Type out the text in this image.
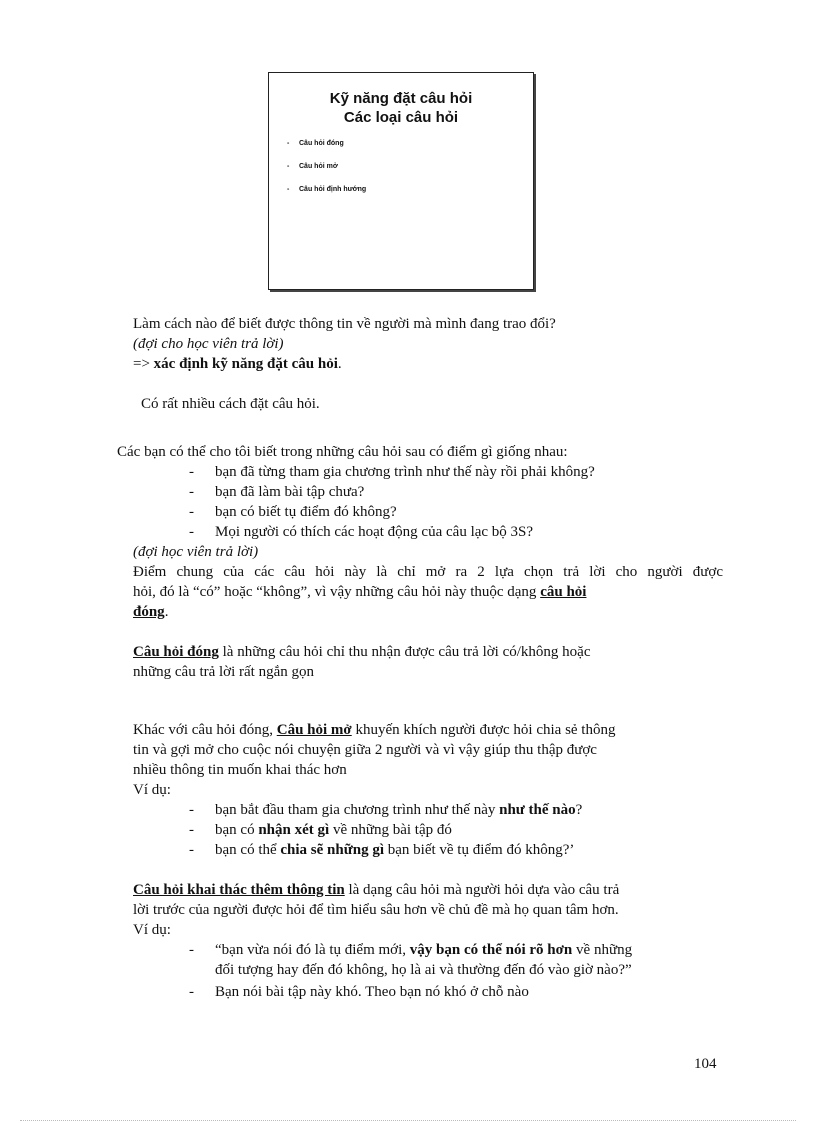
Kỹ năng đặt câu hỏi
Các loại câu hỏi
- Câu hỏi đóng
- Câu hỏi mở
- Câu hỏi định hướng
Làm cách nào để biết được thông tin về người mà mình đang trao đổi?
(đợi cho học viên trả lời)
=> xác định kỹ năng đặt câu hỏi.
Có rất nhiều cách đặt câu hỏi.
Các bạn có thể cho tôi biết trong những câu hỏi sau có điểm gì giống nhau:
- bạn đã từng tham gia chương trình như thế này rồi phải không?
- bạn đã làm bài tập chưa?
- bạn có biết tụ điểm đó không?
- Mọi người có thích các hoạt động của câu lạc bộ 3S?
(đợi học viên trả lời)
Điểm chung của các câu hỏi này là chỉ mở ra 2 lựa chọn trả lời cho người được
hỏi, đó là “có” hoặc “không”, vì vậy những câu hỏi này thuộc dạng câu hỏi
đóng.
Câu hỏi đóng là những câu hỏi chỉ thu nhận được câu trả lời có/không hoặc
những câu trả lời rất ngắn gọn
Khác với câu hỏi đóng, Câu hỏi mở khuyến khích người được hỏi chia sẻ thông
tin và gợi mở cho cuộc nói chuyện giữa 2 người và vì vậy giúp thu thập được
nhiều thông tin muốn khai thác hơn
Ví dụ:
- bạn bắt đầu tham gia chương trình như thế này như thế nào?
- bạn có nhận xét gì về những bài tập đó
- bạn có thể chia sẽ những gì bạn biết về tụ điểm đó không?’
Câu hỏi khai thác thêm thông tin là dạng câu hỏi mà người hỏi dựa vào câu trả
lời trước của người được hỏi để tìm hiểu sâu hơn về chủ đề mà họ quan tâm hơn.
Ví dụ:
- “bạn vừa nói đó là tụ điểm mới, vậy bạn có thể nói rõ hơn về những
đối tượng hay đến đó không, họ là ai và thường đến đó vào giờ nào?”
- Bạn nói bài tập này khó. Theo bạn nó khó ở chỗ nào
104
